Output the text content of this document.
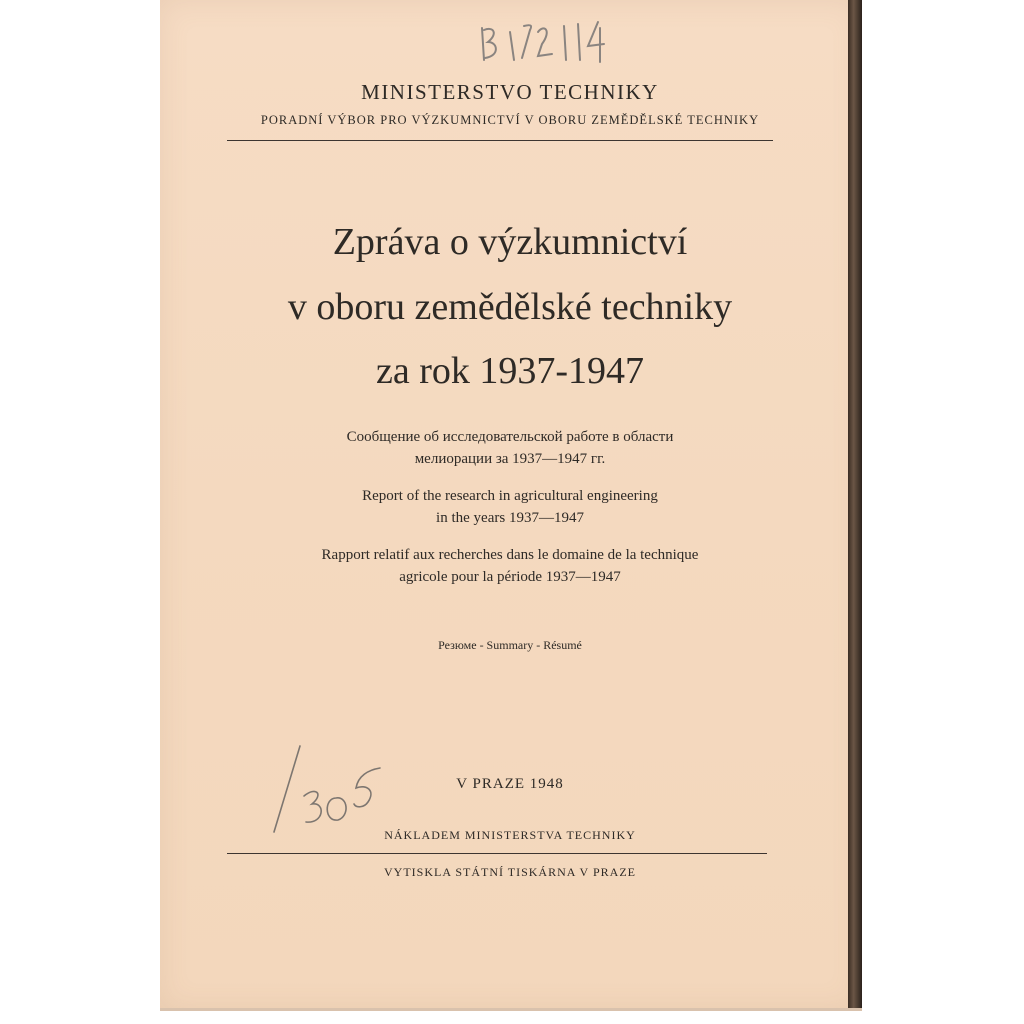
MINISTERSTVO TECHNIKY
PORADNÍ VÝBOR PRO VÝZKUMNICTVÍ V OBORU ZEMĚDĚLSKÉ TECHNIKY
Zpráva o výzkumnictví
v oboru zemědělské techniky
za rok 1937-1947
Сообщение об исследовательской работе в области
мелиорации за 1937—1947 гг.
Report of the research in agricultural engineering
in the years 1937—1947
Rapport relatif aux recherches dans le domaine de la technique
agricole pour la période 1937—1947
Резюме - Summary - Résumé
V PRAZE 1948
NÁKLADEM MINISTERSTVA TECHNIKY
VYTISKLA STÁTNÍ TISKÁRNA V PRAZE
